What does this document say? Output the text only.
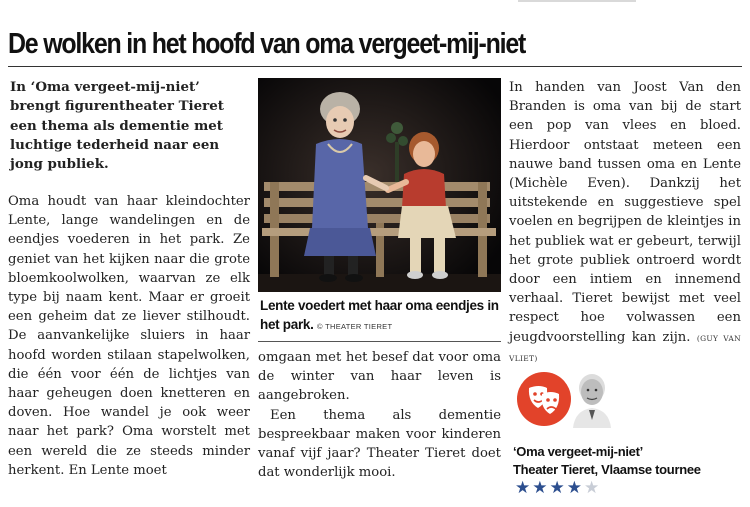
De wolken in het hoofd van oma vergeet-mij-niet
In ‘Oma vergeet-mij-niet’ brengt figurentheater Tieret een thema als dementie met luchtige tederheid naar een jong publiek.

Oma houdt van haar kleindochter Lente, lange wandelingen en de eendjes voederen in het park. Ze geniet van het kijken naar die grote bloemkoolwolken, waarvan ze elk type bij naam kent. Maar er groeit een geheim dat ze liever stilhoudt. De aanvankelijke sluiers in haar hoofd worden stilaan stapelwolken, die één voor één de lichtjes van haar geheugen doen knetteren en doven. Hoe wandel je ook weer naar het park? Oma worstelt met een wereld die ze steeds minder herkent. En Lente moet

Lente voedert met haar oma eendjes in het park. © THEATER TIERET

omgaan met het besef dat voor oma de winter van haar leven is aangebroken.

Een thema als dementie bespreekbaar maken voor kinderen vanaf vijf jaar? Theater Tieret doet dat wonderlijk mooi.

In handen van Joost Van den Branden is oma van bij de start een pop van vlees en bloed. Hierdoor ontstaat meteen een nauwe band tussen oma en Lente (Michèle Even). Dankzij het uitstekende en suggestieve spel voelen en begrijpen de kleintjes in het publiek wat er gebeurt, terwijl het grote publiek ontroerd wordt door een intiem en innemend verhaal. Tieret bewijst met veel respect hoe volwassen een jeugdvoorstelling kan zijn. (GUY VAN VLIET)

‘Oma vergeet-mij-niet’
Theater Tieret, Vlaamse tournee
★★★★★
